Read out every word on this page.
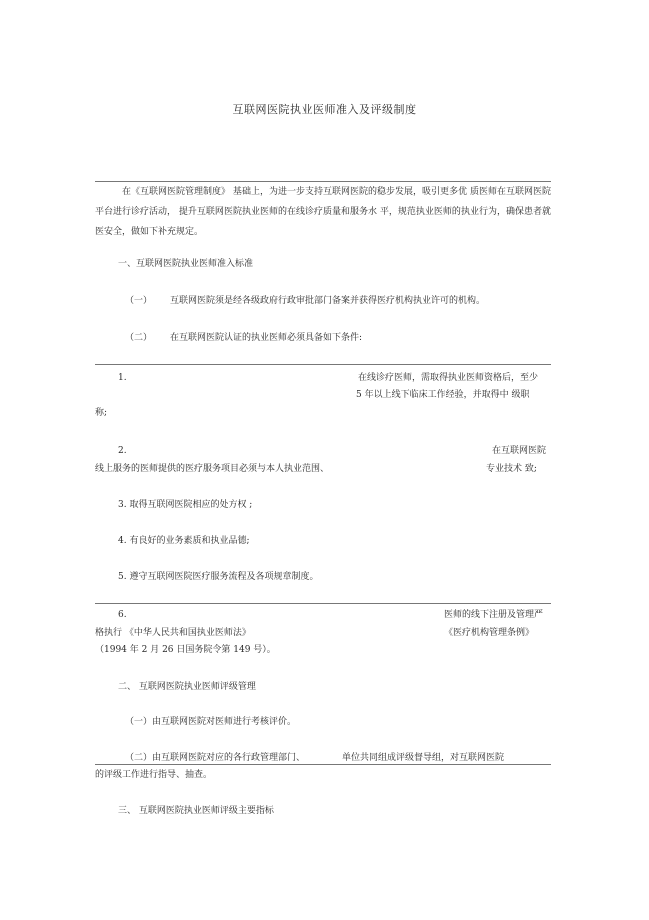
互联网医院执业医师准入及评级制度
在《互联网医院管理制度》 基础上，为进一步支持互联网医院的稳步发展，吸引更多优 质医师在互联网医院平台进行诊疗活动， 提升互联网医院执业医师的在线诊疗质量和服务水 平，规范执业医师的执业行为，确保患者就医安全，做如下补充规定。
一、互联网医院执业医师准入标准
（一） 互联网医院须是经各级政府行政审批部门备案并获得医疗机构执业许可的机构。
（二） 在互联网医院认证的执业医师必须具备如下条件:
1.	在线诊疗医师，需取得执业医师资格后，至少
5 年以上线下临床工作经验，并取得中 级职
称;
2.	在互联网医院
线上服务的医师提供的医疗服务项目必须与本人执业范围、	专业技术 致;
3. 取得互联网医院相应的处方权 ;
4. 有良好的业务素质和执业品德;
5. 遵守互联网医院医疗服务流程及各项规章制度。
6.	医师的线下注册及管理严
格执行 《中华人民共和国执业医师法》	《医疗机构管理条例》
（1994 年 2 月 26 日国务院令第 149 号）。
二、 互联网医院执业医师评级管理
（一）由互联网医院对医师进行考核评价。
（二）由互联网医院对应的各行政管理部门、	单位共同组成评级督导组，对互联网医院
的评级工作进行指导、抽查。
三、 互联网医院执业医师评级主要指标
